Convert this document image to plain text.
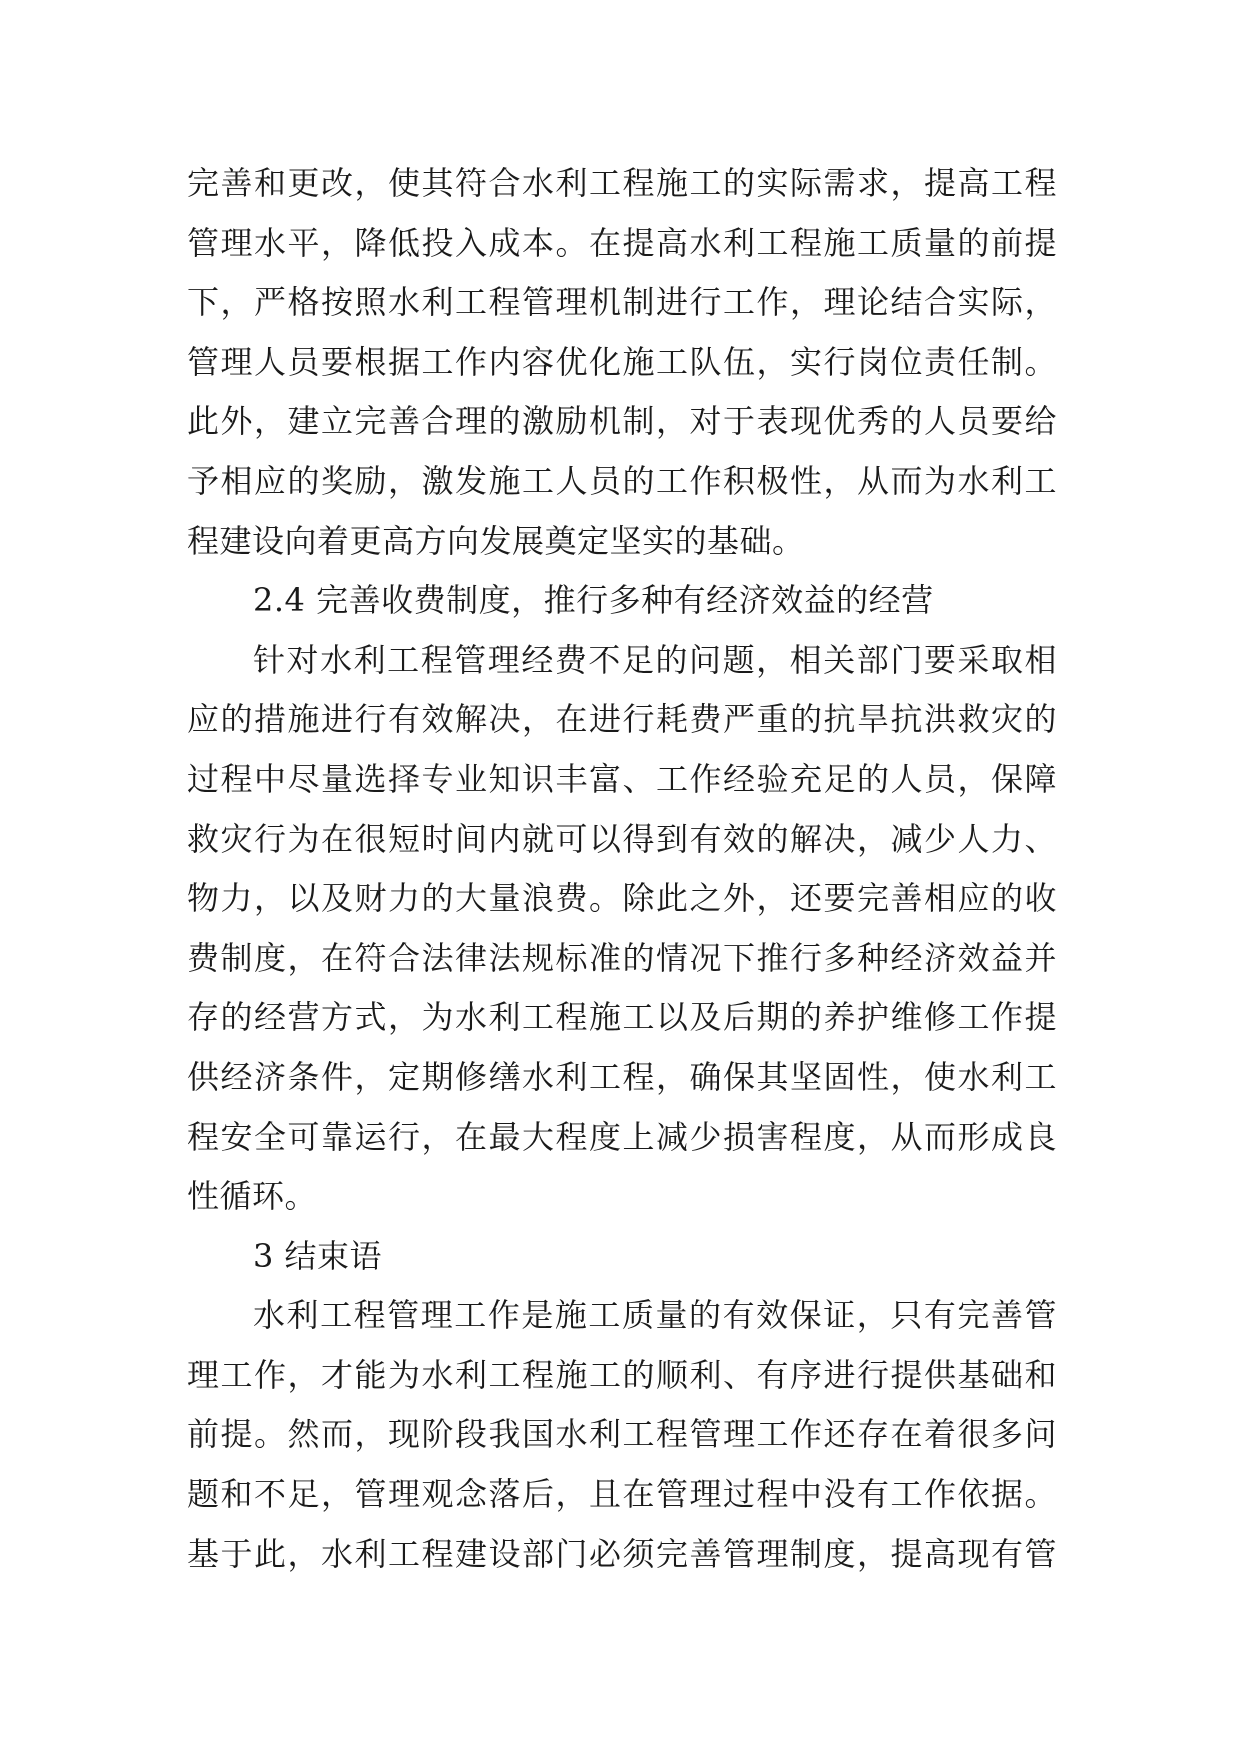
完善和更改，使其符合水利工程施工的实际需求，提高工程
管理水平，降低投入成本。在提高水利工程施工质量的前提
下，严格按照水利工程管理机制进行工作，理论结合实际，
管理人员要根据工作内容优化施工队伍，实行岗位责任制。
此外，建立完善合理的激励机制，对于表现优秀的人员要给
予相应的奖励，激发施工人员的工作积极性，从而为水利工
程建设向着更高方向发展奠定坚实的基础。
2.4 完善收费制度，推行多种有经济效益的经营
针对水利工程管理经费不足的问题，相关部门要采取相
应的措施进行有效解决，在进行耗费严重的抗旱抗洪救灾的
过程中尽量选择专业知识丰富、工作经验充足的人员，保障
救灾行为在很短时间内就可以得到有效的解决，减少人力、
物力，以及财力的大量浪费。除此之外，还要完善相应的收
费制度，在符合法律法规标准的情况下推行多种经济效益并
存的经营方式，为水利工程施工以及后期的养护维修工作提
供经济条件，定期修缮水利工程，确保其坚固性，使水利工
程安全可靠运行，在最大程度上减少损害程度，从而形成良
性循环。
3 结束语
水利工程管理工作是施工质量的有效保证，只有完善管
理工作，才能为水利工程施工的顺利、有序进行提供基础和
前提。然而，现阶段我国水利工程管理工作还存在着很多问
题和不足，管理观念落后，且在管理过程中没有工作依据。
基于此，水利工程建设部门必须完善管理制度，提高现有管
